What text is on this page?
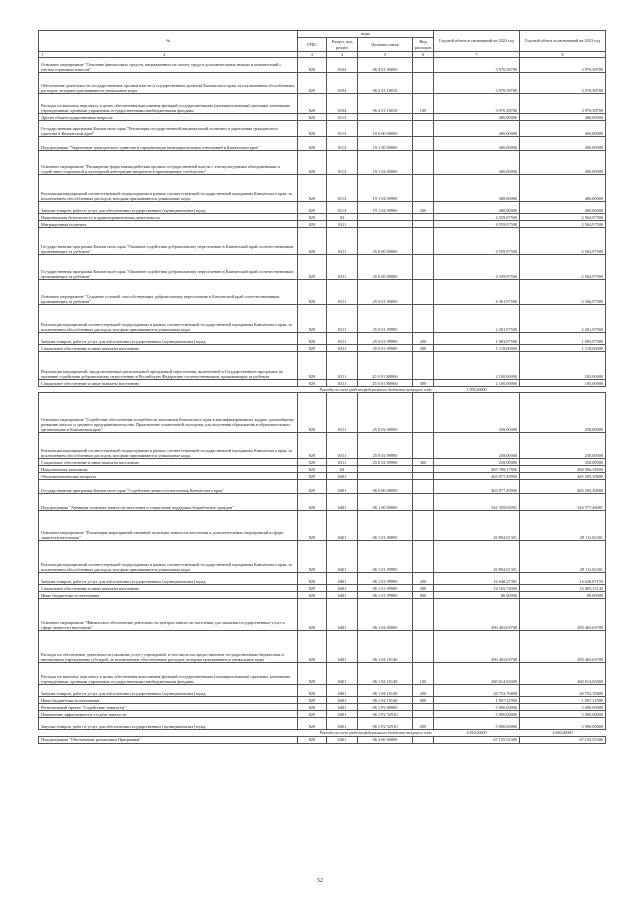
№	коды				Годовой объем ассигнований на 2022 год	Годовой объем ассигнований на 2023 год
	ГРБС	Раздел, под раздел	Целевая статья	Вид расходов		
1 2	3	4	5	6	7	8
Основное мероприятие "Освоение финансовых средств, направленных на оплату труда в дополнительных выплат и компенсаций с учетом страховых взносов"	829	0104	06 4 01 00000		3 970,38700	3 970,38700
Обеспечение деятельности государственных органов власти (государственных органов) Камчатского края, за исключением обособленных расходов, которым присваиваются уникальные коды	829	0104	06 4 01 10010		3 970,38700	3 970,38700
Расходы на выплаты персоналу в целях обеспечения выполнения функций государственными (муниципальными) органами, казенными учреждениями, органами управления государственными внебюджетными фондами	829	0104	06 4 01 10010	100	3 970,38700	3 970,38700
Другие общегосударственные вопросы	829	0113			400,00000	400,00000
Государственная программа Камчатского края "Реализация государственной национальной политики и укрепление гражданского единства в Камчатском крае"	829	0113	19 0 00 00000		400,00000	400,00000
Подпрограмма "Укрепление гражданского единства и гармонизация межнациональных отношений в Камчатском крае"	829	0113	19 1 00 00000		400,00000	400,00000
Основное мероприятие "Расширение форм взаимодействия органов государственной власти с этнокультурными объединениями и содействие социальной и культурной интеграции мигрантов в принимающее сообщество"	829	0113	19 1 04 00000		400,00000	400,00000
Реализация мероприятий соответствующей подпрограммы в рамках соответствующей государственной программы Камчатского края, за исключением обособленных расходов, которым присваиваются уникальные коды	829	0113	19 1 04 09990		400,00000	400,00000
Закупка товаров, работ и услуг для обеспечения государственных (муниципальных) нужд	829	0113	19 1 04 09990	200	400,00000	400,00000
Национальная безопасность и правоохранительная деятельность	829	03			4 559,97500	2 564,97500
Миграционная политика	829	0311			4 559,97500	2 564,97500
Государственная программа Камчатского края "Оказание содействия добровольному переселению в Камчатский край соотечественников, проживающих за рубежом"	829	0311	25 0 00 00000		4 559,97500	2 564,97500
Государственная программа Камчатского края "Оказание содействия добровольному переселению в Камчатский край соотечественников, проживающих за рубежом"	829	0311	25 0 00 00000		4 559,97500	2 564,97500
Основное мероприятие "Создание условий, способствующих добровольному переселению в Камчатский край соотечественников, проживающих за рубежом"	829	0311	25 0 01 00000		4 301,97500	2 306,97500
Реализация мероприятий соответствующей подпрограммы в рамках соответствующей государственной программы Камчатского края, за исключением обособленных расходов, которым присваиваются уникальные коды	829	0311	25 0 01 09990		2 201,97500	2 201,97500
Закупка товаров, работ и услуг для обеспечения государственных (муниципальных) нужд	829	0311	25 0 01 09990	200	1 083,97500	1 083,97500
Социальное обеспечение и иные выплаты населению	829	0311	25 0 01 09990	300	1 118,00000	1 118,00000
Реализация мероприятий, предусмотренных региональной программой переселения, включенной в Государственную программу по оказанию содействия добровольному переселению в Российскую Федерацию соотечественников, проживающих за рубежом	829	0311	25 0 01 R0860		2 100,00000	105,00000
Социальное обеспечение и иные выплаты населению	829	0311	25 0 01 R0860	300	2 100,00000	105,00000
Расходы за счет средств федерального бюджета текущего года					1 995,00000	
Основное мероприятие "Содействие обеспечению потребности экономики Камчатского края в квалифицированных кадрах, дальнейшему развитию малого и среднего предпринимательства. Привлечение талантливой молодежи для получения образования в образовательных организациях в Камчатском крае"	829	0311	25 0 02 00000		258,00000	258,00000
Реализация мероприятий соответствующей подпрограммы в рамках соответствующей государственной программы Камчатского края, за исключением обособленных расходов, которым присваиваются уникальные коды	829	0311	25 0 02 09990		258,00000	258,00000
Социальное обеспечение и иные выплаты населению	829	0311	25 0 02 09990	300	258,00000	258,00000
Национальная экономика	829	04			465 788,17800	468 006,38500
Общеэкономические вопросы	829	0401			463 077,49900	465 295,30900
Государственная программа Камчатского края "Содействие занятости населения Камчатского края"	829	0401	06 0 00 00000		463 077,49900	465 295,30900
Подпрограмма "Активная политика занятости населения и социальная поддержка безработных граждан"	829	0401	06 1 00 00000		322 359,65001	324 577,46001
Основное мероприятие "Реализация мероприятий активной политики занятости населения и дополнительных мероприятий в сфере занятости населения"	829	0401	06 1 01 00000		26 894,01301	29 111,82301
Реализация мероприятий соответствующей подпрограммы в рамках соответствующей государственной программы Камчатского края, за исключением обособленных расходов, которым присваиваются уникальные коды	829	0401	06 1 01 09990		26 894,01301	29 111,82301
Закупка товаров, работ и услуг для обеспечения государственных (муниципальных) нужд	829	0401	06 1 01 09990	200	12 648,27301	14 626,67159
Социальное обеспечение и иные выплаты населению	829	0401	06 1 01 09990	300	14 165,74000	14 405,15142
Иные бюджетные ассигнования	829	0401	06 1 01 09990	800	80,00000	80,00000
Основное мероприятие "Финансовое обеспечение деятельности центров занятости населения для оказания государственных услуг в сфере занятости населения"	829	0401	06 1 04 00000		290 465,63700	290 465,63700
Расходы на обеспечение деятельности (оказание услуг) учреждений, в том числе на предоставление государственным бюджетным и автономным учреждениям субсидий, за исключением обособленных расходов, которым присваиваются уникальные коды	829	0401	06 1 04 10140		290 465,63700	290 465,63700
Расходы на выплаты персоналу в целях обеспечения выполнения функций государственными (муниципальными) органами, казенными учреждениями, органами управления государственными внебюджетными фондами	829	0401	06 1 04 10140	100	260 614,65000	260 614,65000
Закупка товаров, работ и услуг для обеспечения государственных (муниципальных) нужд	829	0401	06 1 04 10140	200	28 753,76800	28 753,76800
Иные бюджетные ассигнования	829	0401	06 1 04 10140	800	1 097,21900	1 097,21900
Региональный проект "Содействие занятости"	829	0401	06 1 P2 00000		5 000,00000	5 000,00000
Повышение эффективности службы занятости	829	0401	06 1 P2 52910		5 000,00000	5 000,00000
Закупка товаров, работ и услуг для обеспечения государственных (муниципальных) нужд	829	0401	06 1 P2 52910	200	5 000,00000	5 000,00000
Расходы за счет средств федерального бюджета текущего года					4 850,00000	4 850,00000
Подпрограмма "Обеспечение реализации Программы"	829	0401	06 4 00 00000		67 155,53300	67 155,53300
52
